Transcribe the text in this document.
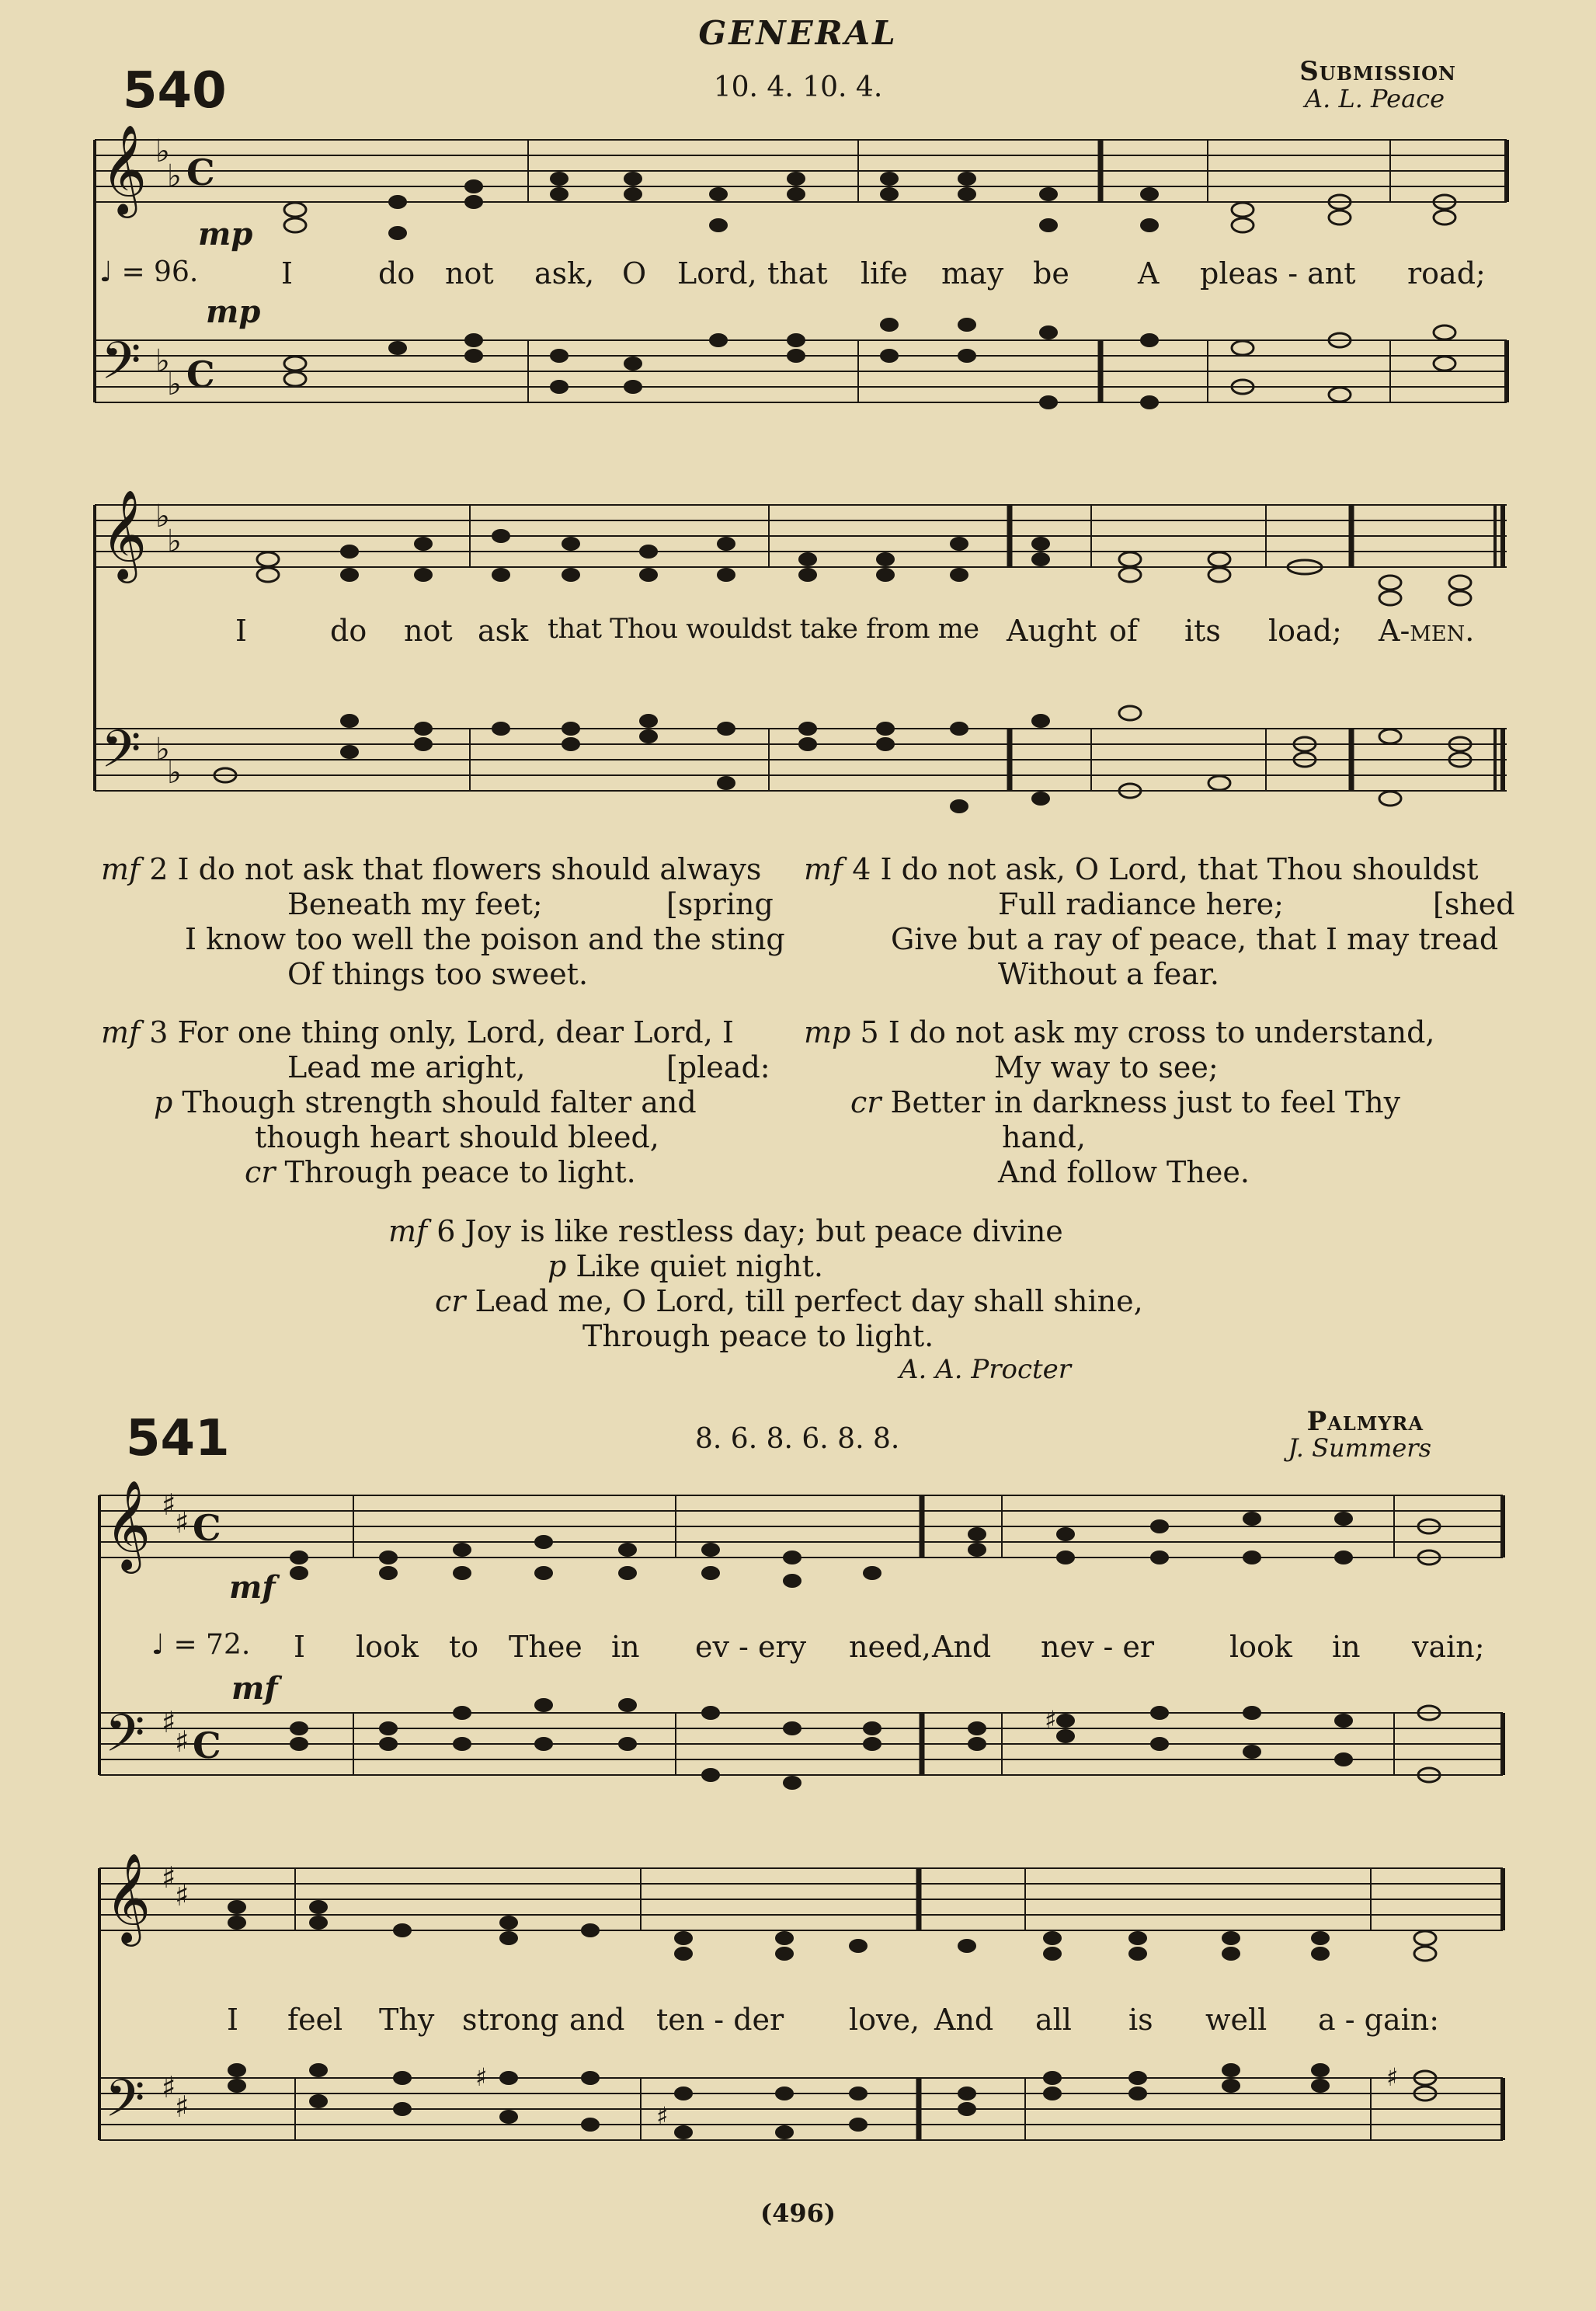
GENERAL
540	10. 4. 10. 4.	Submission
A. L. Peace
𝄞
𝄢
♭
♭
♭
♭
C
C
mp
♩ = 96.
mp
I	do not ask, O Lord, that life may be A pleas - ant road;
𝄞
𝄢
♭
♭
♭
♭
I	do not ask that Thou wouldst take from me Aught of its load; A-men.
mf 2 I do not ask that flowers should always
Beneath my feet;	[spring
I know too well the poison and the sting
Of things too sweet.
mf 3 For one thing only, Lord, dear Lord, I
Lead me aright,	[plead:
p Though strength should falter and
though heart should bleed,
cr Through peace to light.
mf 4 I do not ask, O Lord, that Thou shouldst
Full radiance here;	[shed
Give but a ray of peace, that I may tread
Without a fear.
mp 5 I do not ask my cross to understand,
My way to see;
cr Better in darkness just to feel Thy
hand,
And follow Thee.
mf 6 Joy is like restless day; but peace divine
p Like quiet night.
cr Lead me, O Lord, till perfect day shall shine,
Through peace to light.
A. A. Procter
541	8. 6. 8. 6. 8. 8.
Palmyra
J. Summers
𝄞
𝄢
♯
♯
♯
♯
C
C
♯
mf
♩ = 72.
mf
I look to Thee in ev - ery need, And nev - er	look in vain;
𝄞
𝄢
♯
♯
♯
♯
♯
♯
♯
I feel Thy strong and ten - der love, And all is well a - gain:
(496)
